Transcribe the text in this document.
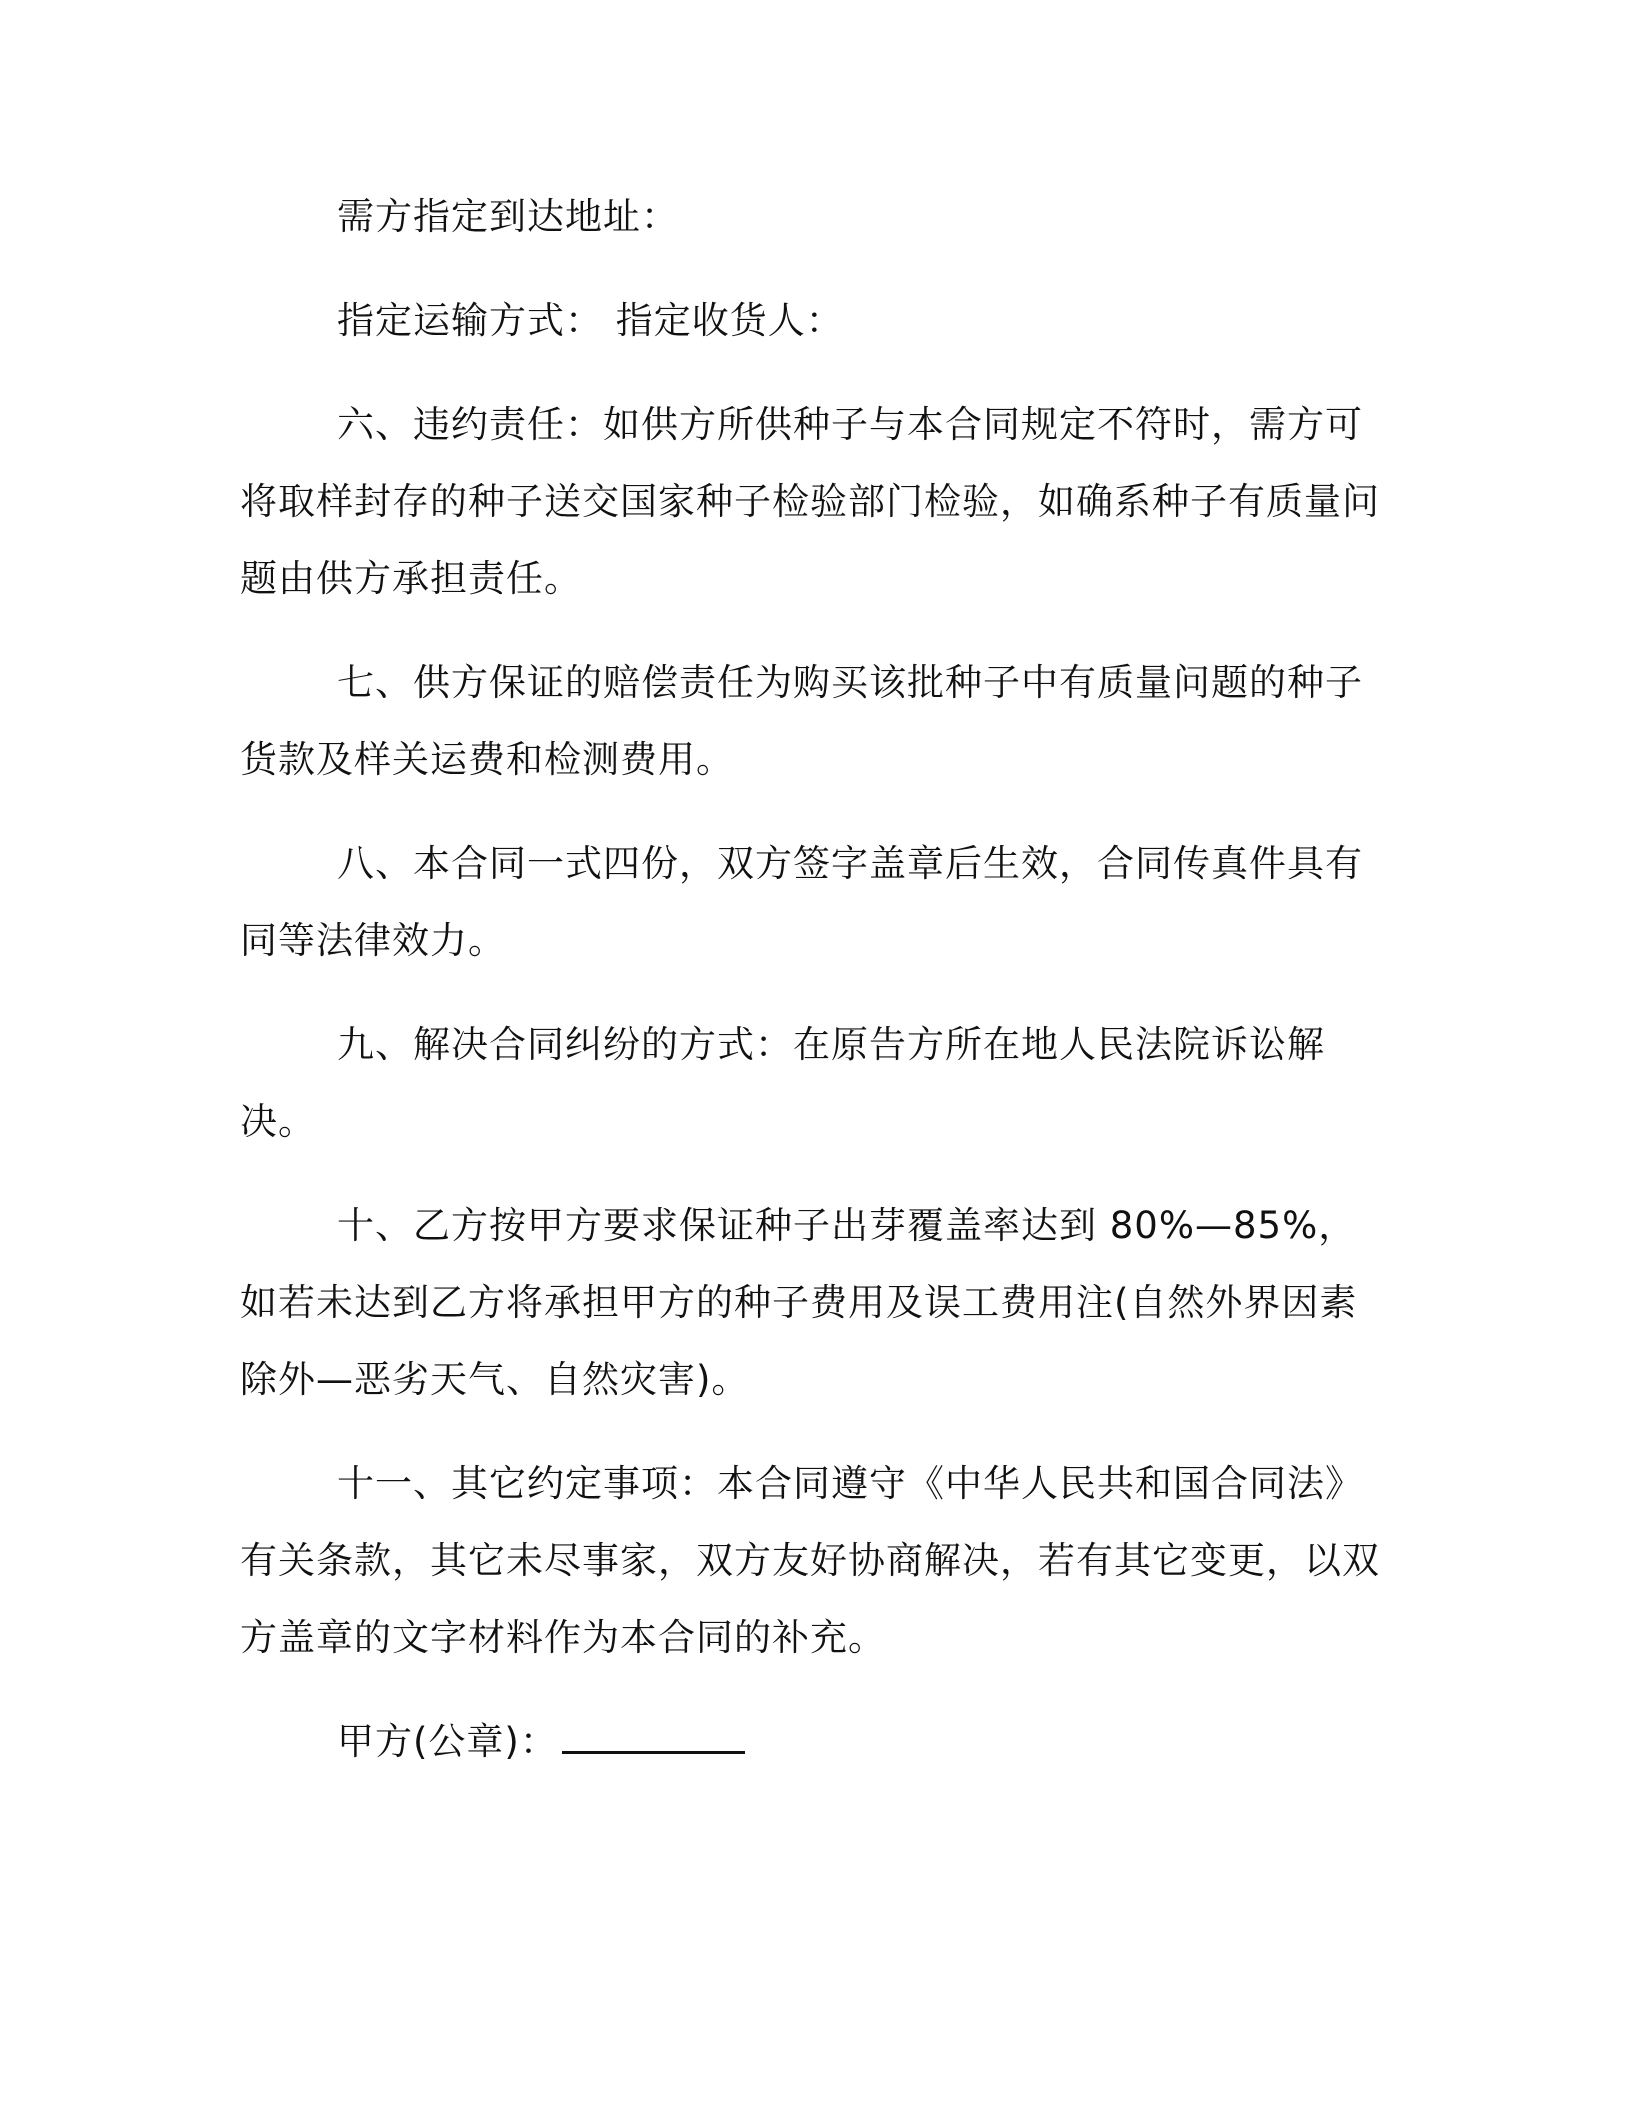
需方指定到达地址：

指定运输方式： 指定收货人：

六、违约责任：如供方所供种子与本合同规定不符时，需方可将取样封存的种子送交国家种子检验部门检验，如确系种子有质量问题由供方承担责任。

七、供方保证的赔偿责任为购买该批种子中有质量问题的种子货款及样关运费和检测费用。

八、本合同一式四份，双方签字盖章后生效，合同传真件具有同等法律效力。

九、解决合同纠纷的方式：在原告方所在地人民法院诉讼解决。

十、乙方按甲方要求保证种子出芽覆盖率达到 80%—85%，如若未达到乙方将承担甲方的种子费用及误工费用注(自然外界因素除外—恶劣天气、自然灾害)。

十一、其它约定事项：本合同遵守《中华人民共和国合同法》有关条款，其它未尽事家，双方友好协商解决，若有其它变更，以双方盖章的文字材料作为本合同的补充。

甲方(公章)：
